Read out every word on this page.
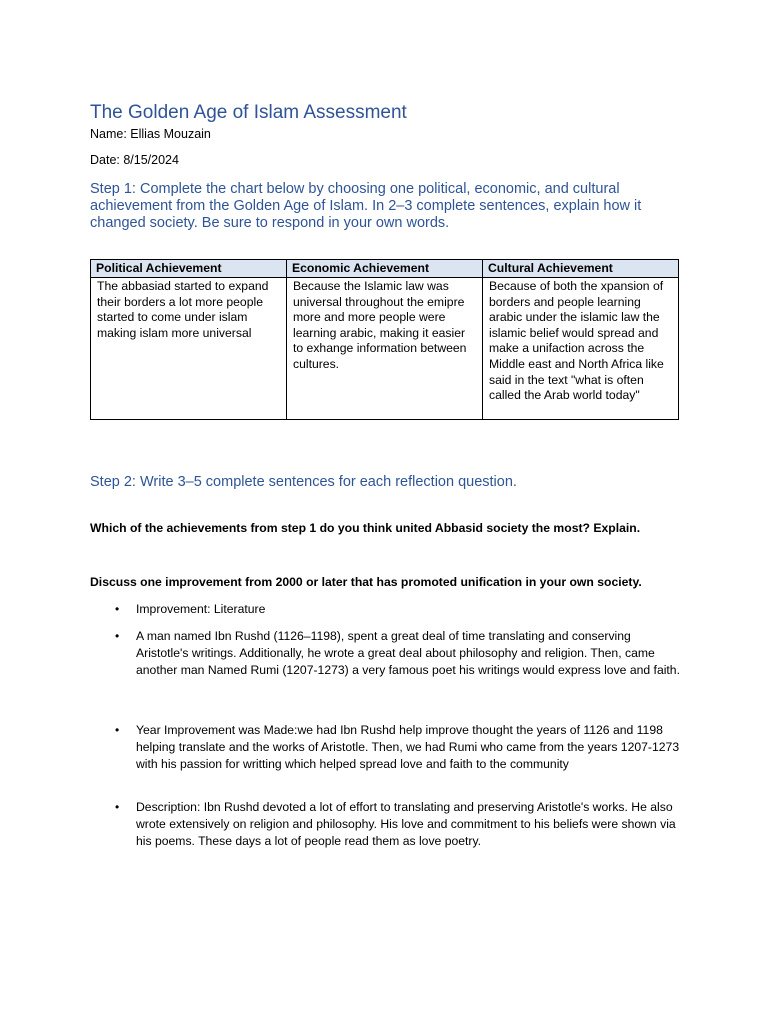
The Golden Age of Islam Assessment
Name: Ellias Mouzain
Date: 8/15/2024
Step 1: Complete the chart below by choosing one political, economic, and cultural achievement from the Golden Age of Islam. In 2–3 complete sentences, explain how it changed society. Be sure to respond in your own words.
Political Achievement	Economic Achievement	Cultural Achievement
The abbasiad started to expand their borders a lot more people started to come under islam making islam more universal	Because the Islamic law was universal throughout the emipre more and more people were learning arabic, making it easier to exhange information between cultures.	Because of both the xpansion of borders and people learning arabic under the islamic law the islamic belief would spread and make a unifaction across the Middle east and North Africa like said in the text "what is often called the Arab world today"
Step 2: Write 3–5 complete sentences for each reflection question.
Which of the achievements from step 1 do you think united Abbasid society the most? Explain.
Discuss one improvement from 2000 or later that has promoted unification in your own society.
• Improvement: Literature
• A man named Ibn Rushd (1126–1198), spent a great deal of time translating and conserving Aristotle's writings. Additionally, he wrote a great deal about philosophy and religion. Then, came another man Named Rumi (1207-1273) a very famous poet his writings would express love and faith.
• Year Improvement was Made:we had Ibn Rushd help improve thought the years of 1126 and 1198 helping translate and the works of Aristotle. Then, we had Rumi who came from the years 1207-1273 with his passion for writting which helped spread love and faith to the community
• Description: Ibn Rushd devoted a lot of effort to translating and preserving Aristotle's works. He also wrote extensively on religion and philosophy. His love and commitment to his beliefs were shown via his poems. These days a lot of people read them as love poetry.
